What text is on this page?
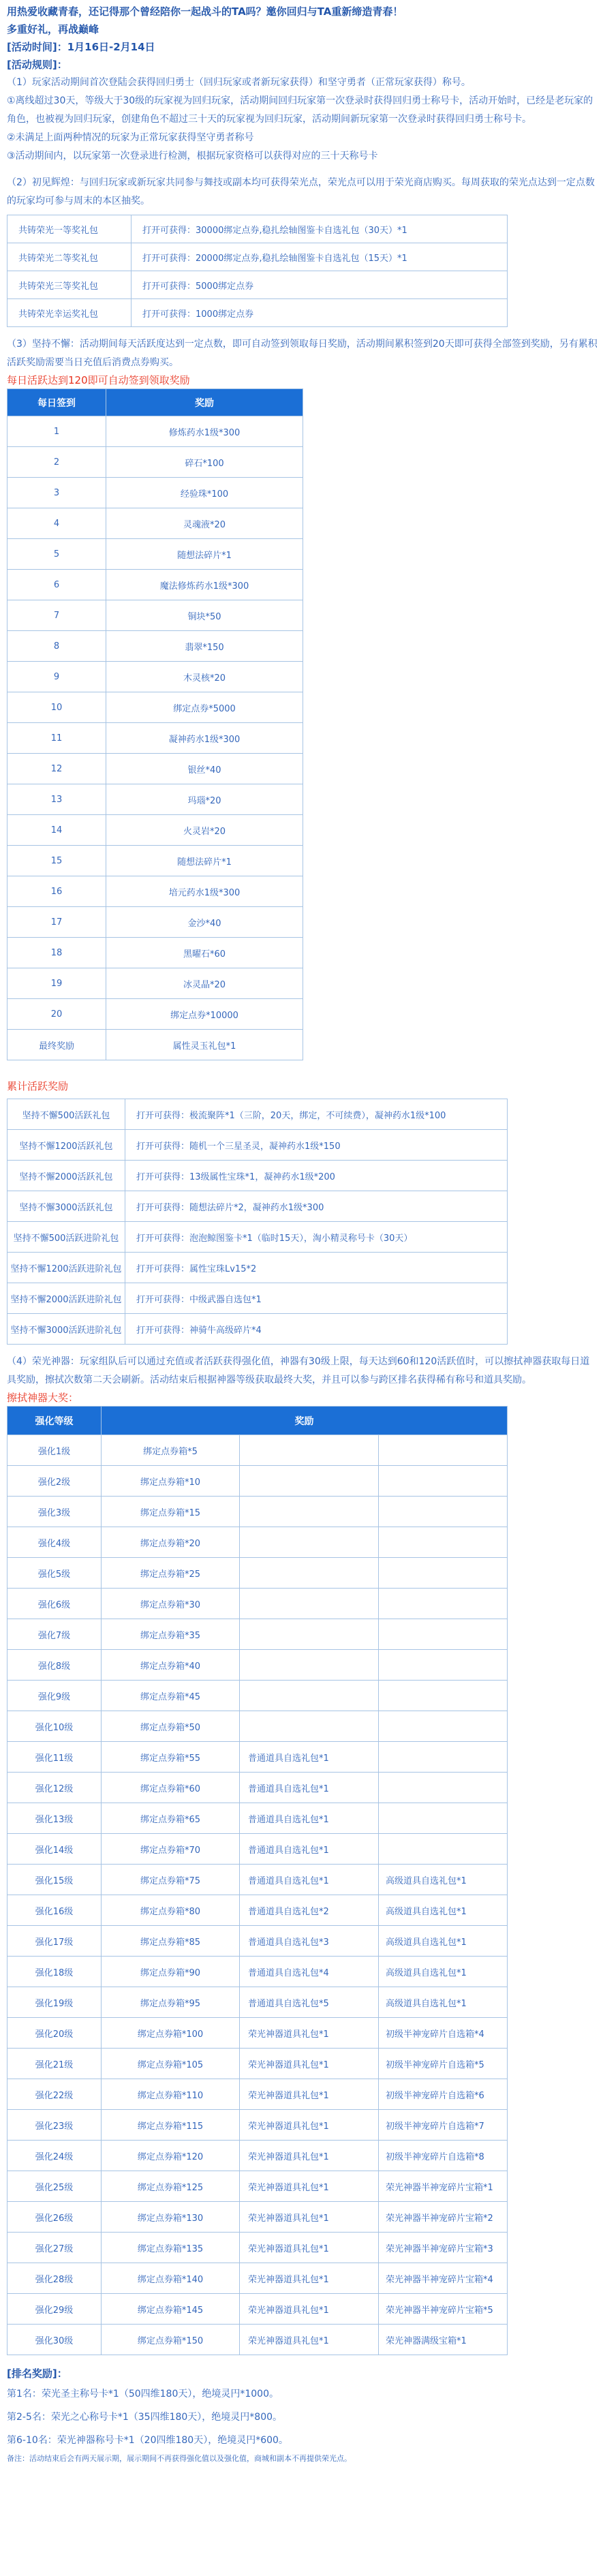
用热爱收藏青春，还记得那个曾经陪你一起战斗的TA吗？邀你回归与TA重新缔造青春！
多重好礼，再战巅峰
[活动时间]：1月16日-2月14日
[活动规则]：

（1）玩家活动期间首次登陆会获得回归勇士（回归玩家或者新玩家获得）和坚守勇者（正常玩家获得）称号。

①离线超过30天，等级大于30级的玩家视为回归玩家，活动期间回归玩家第一次登录时获得回归勇士称号卡，活动开始时，已经是老玩家的角色，也被视为回归玩家，创建角色不超过三十天的玩家视为回归玩家，活动期间新玩家第一次登录时获得回归勇士称号卡。

②未满足上面两种情况的玩家为正常玩家获得坚守勇者称号

③活动期间内，以玩家第一次登录进行检测，根据玩家资格可以获得对应的三十天称号卡

（2）初见辉煌：与回归玩家或新玩家共同参与舞技或副本均可获得荣光点，荣光点可以用于荣光商店购买。每周获取的荣光点达到一定点数的玩家均可参与周末的本区抽奖。

共铸荣光一等奖礼包	打开可获得：30000绑定点券,稳扎绘轴图鉴卡自选礼包（30天）*1
共铸荣光二等奖礼包	打开可获得：20000绑定点券,稳扎绘轴图鉴卡自选礼包（15天）*1
共铸荣光三等奖礼包	打开可获得：5000绑定点券
共铸荣光幸运奖礼包	打开可获得：1000绑定点券

（3）坚持不懈：活动期间每天活跃度达到一定点数，即可自动签到领取每日奖励，活动期间累积签到20天即可获得全部签到奖励，另有累积活跃奖励需要当日充值后消费点券购买。

每日活跃达到120即可自动签到领取奖励
每日签到	奖励
1	修炼药水1级*300
2	碎石*100
3	经验珠*100
4	灵魂液*20
5	随想法碎片*1
6	魔法修炼药水1级*300
7	铜块*50
8	翡翠*150
9	木灵核*20
10	绑定点券*5000
11	凝神药水1级*300
12	银丝*40
13	玛瑙*20
14	火灵岩*20
15	随想法碎片*1
16	培元药水1级*300
17	金沙*40
18	黑曜石*60
19	冰灵晶*20
20	绑定点券*10000
最终奖励	属性灵玉礼包*1
累计活跃奖励
坚持不懈500活跃礼包	打开可获得：极流聚阵*1（三阶，20天，绑定，不可续费），凝神药水1级*100
坚持不懈1200活跃礼包	打开可获得：随机一个三星圣灵，凝神药水1级*150
坚持不懈2000活跃礼包	打开可获得：13级属性宝珠*1，凝神药水1级*200
坚持不懈3000活跃礼包	打开可获得：随想法碎片*2，凝神药水1级*300
坚持不懈500活跃进阶礼包	打开可获得：泡泡鲸图鉴卡*1（临时15天），淘小精灵称号卡（30天）
坚持不懈1200活跃进阶礼包	打开可获得：属性宝珠Lv15*2
坚持不懈2000活跃进阶礼包	打开可获得：中级武器自选包*1
坚持不懈3000活跃进阶礼包	打开可获得：神骑牛高级碎片*4

（4）荣光神器：玩家组队后可以通过充值或者活跃获得强化值，神器有30级上限，每天达到60和120活跃值时，可以擦拭神器获取每日道具奖励，擦拭次数第二天会刷新。活动结束后根据神器等级获取最终大奖，并且可以参与跨区排名获得稀有称号和道具奖励。

擦拭神器大奖：
强化等级	奖励		
强化1级	绑定点券箱*5		
强化2级	绑定点券箱*10		
强化3级	绑定点券箱*15		
强化4级	绑定点券箱*20		
强化5级	绑定点券箱*25		
强化6级	绑定点券箱*30		
强化7级	绑定点券箱*35		
强化8级	绑定点券箱*40		
强化9级	绑定点券箱*45		
强化10级	绑定点券箱*50		
强化11级	绑定点券箱*55	普通道具自选礼包*1	
强化12级	绑定点券箱*60	普通道具自选礼包*1	
强化13级	绑定点券箱*65	普通道具自选礼包*1	
强化14级	绑定点券箱*70	普通道具自选礼包*1	
强化15级	绑定点券箱*75	普通道具自选礼包*1	高级道具自选礼包*1
强化16级	绑定点券箱*80	普通道具自选礼包*2	高级道具自选礼包*1
强化17级	绑定点券箱*85	普通道具自选礼包*3	高级道具自选礼包*1
强化18级	绑定点券箱*90	普通道具自选礼包*4	高级道具自选礼包*1
强化19级	绑定点券箱*95	普通道具自选礼包*5	高级道具自选礼包*1
强化20级	绑定点券箱*100	荣光神器道具礼包*1	初级半神宠碎片自选箱*4
强化21级	绑定点券箱*105	荣光神器道具礼包*1	初级半神宠碎片自选箱*5
强化22级	绑定点券箱*110	荣光神器道具礼包*1	初级半神宠碎片自选箱*6
强化23级	绑定点券箱*115	荣光神器道具礼包*1	初级半神宠碎片自选箱*7
强化24级	绑定点券箱*120	荣光神器道具礼包*1	初级半神宠碎片自选箱*8
强化25级	绑定点券箱*125	荣光神器道具礼包*1	荣光神器半神宠碎片宝箱*1
强化26级	绑定点券箱*130	荣光神器道具礼包*1	荣光神器半神宠碎片宝箱*2
强化27级	绑定点券箱*135	荣光神器道具礼包*1	荣光神器半神宠碎片宝箱*3
强化28级	绑定点券箱*140	荣光神器道具礼包*1	荣光神器半神宠碎片宝箱*4
强化29级	绑定点券箱*145	荣光神器道具礼包*1	荣光神器半神宠碎片宝箱*5
强化30级	绑定点券箱*150	荣光神器道具礼包*1	荣光神器满级宝箱*1
[排名奖励]：
第1名：荣光圣主称号卡*1（50四维180天），绝境灵円*1000。
第2-5名：荣光之心称号卡*1（35四维180天），绝境灵円*800。
第6-10名：荣光神器称号卡*1（20四维180天），绝境灵円*600。
备注：活动结束后会有两天展示期，展示期间不再获得强化值以及强化值，商城和副本不再提供荣光点。
